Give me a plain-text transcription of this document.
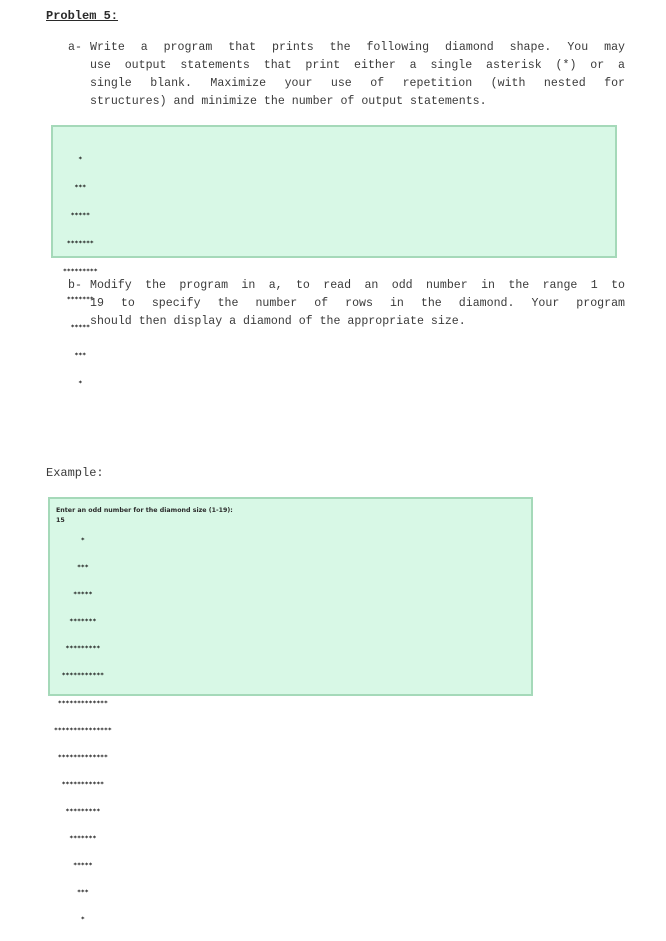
Problem 5:
a- Write a program that prints the following diamond shape. You may
use output statements that print either a single asterisk (*) or a
single blank. Maximize your use of repetition (with nested for
structures) and minimize the number of output statements.

*

***

*****

*******

*********

*******

*****

***

*

b- Modify the program in a, to read an odd number in the range 1 to
19 to specify the number of rows in the diamond. Your program
should then display a diamond of the appropriate size.

Example:

Enter an odd number for the diamond size (1-19):

15

*

***

*****

*******

*********

***********

*************

***************

*************

***********

*********

*******

*****

***

*
